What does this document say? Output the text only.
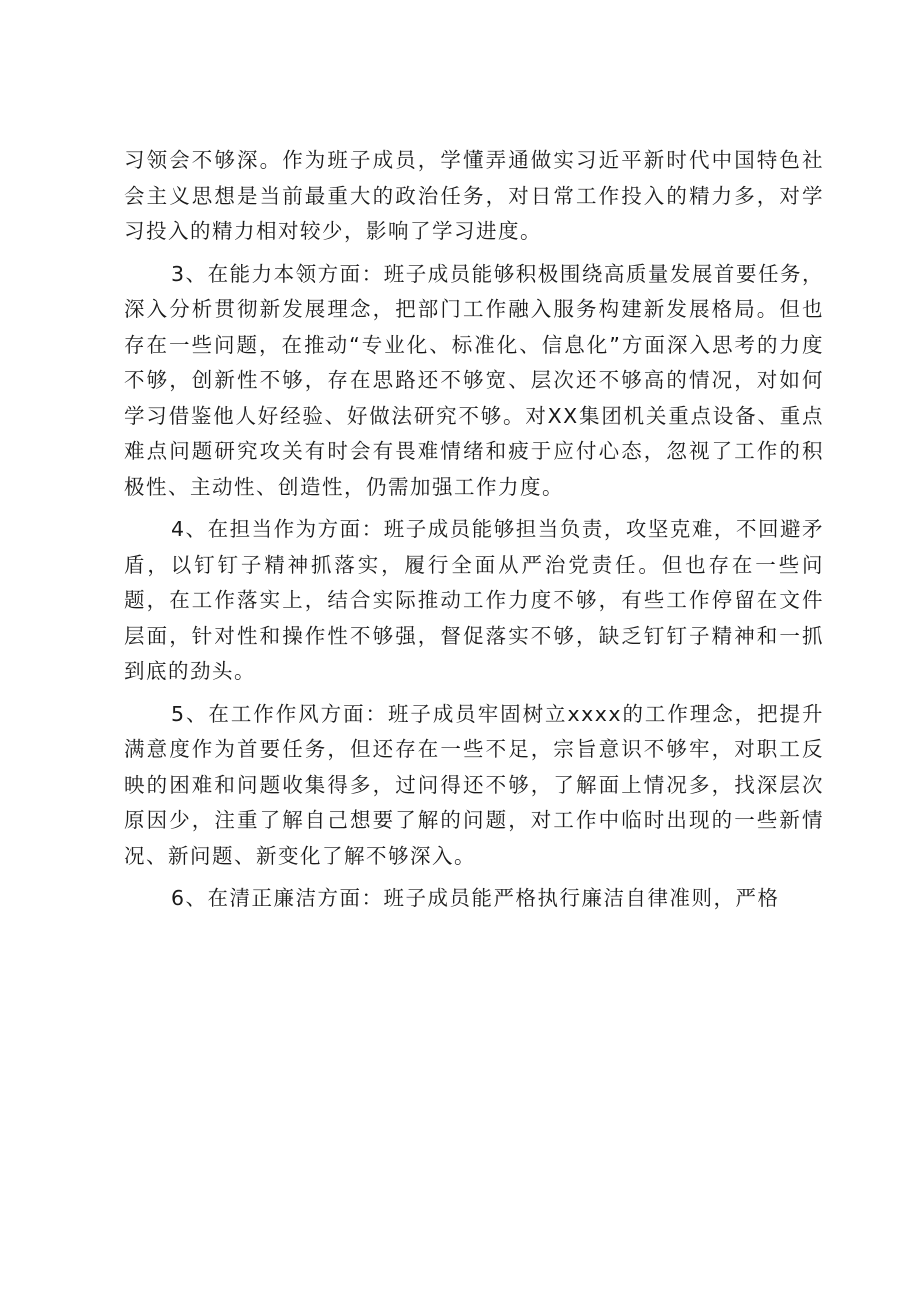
习领会不够深。作为班子成员，学懂弄通做实习近平新时代中国特色社会主义思想是当前最重大的政治任务，对日常工作投入的精力多，对学习投入的精力相对较少，影响了学习进度。

3、在能力本领方面：班子成员能够积极围绕高质量发展首要任务，深入分析贯彻新发展理念，把部门工作融入服务构建新发展格局。但也存在一些问题，在推动“专业化、标准化、信息化”方面深入思考的力度不够，创新性不够，存在思路还不够宽、层次还不够高的情况，对如何学习借鉴他人好经验、好做法研究不够。对XX集团机关重点设备、重点难点问题研究攻关有时会有畏难情绪和疲于应付心态，忽视了工作的积极性、主动性、创造性，仍需加强工作力度。

4、在担当作为方面：班子成员能够担当负责，攻坚克难，不回避矛盾，以钉钉子精神抓落实，履行全面从严治党责任。但也存在一些问题，在工作落实上，结合实际推动工作力度不够，有些工作停留在文件层面，针对性和操作性不够强，督促落实不够，缺乏钉钉子精神和一抓到底的劲头。

5、在工作作风方面：班子成员牢固树立xxxx的工作理念，把提升满意度作为首要任务，但还存在一些不足，宗旨意识不够牢，对职工反映的困难和问题收集得多，过问得还不够，了解面上情况多，找深层次原因少，注重了解自己想要了解的问题，对工作中临时出现的一些新情况、新问题、新变化了解不够深入。

6、在清正廉洁方面：班子成员能严格执行廉洁自律准则，严格
